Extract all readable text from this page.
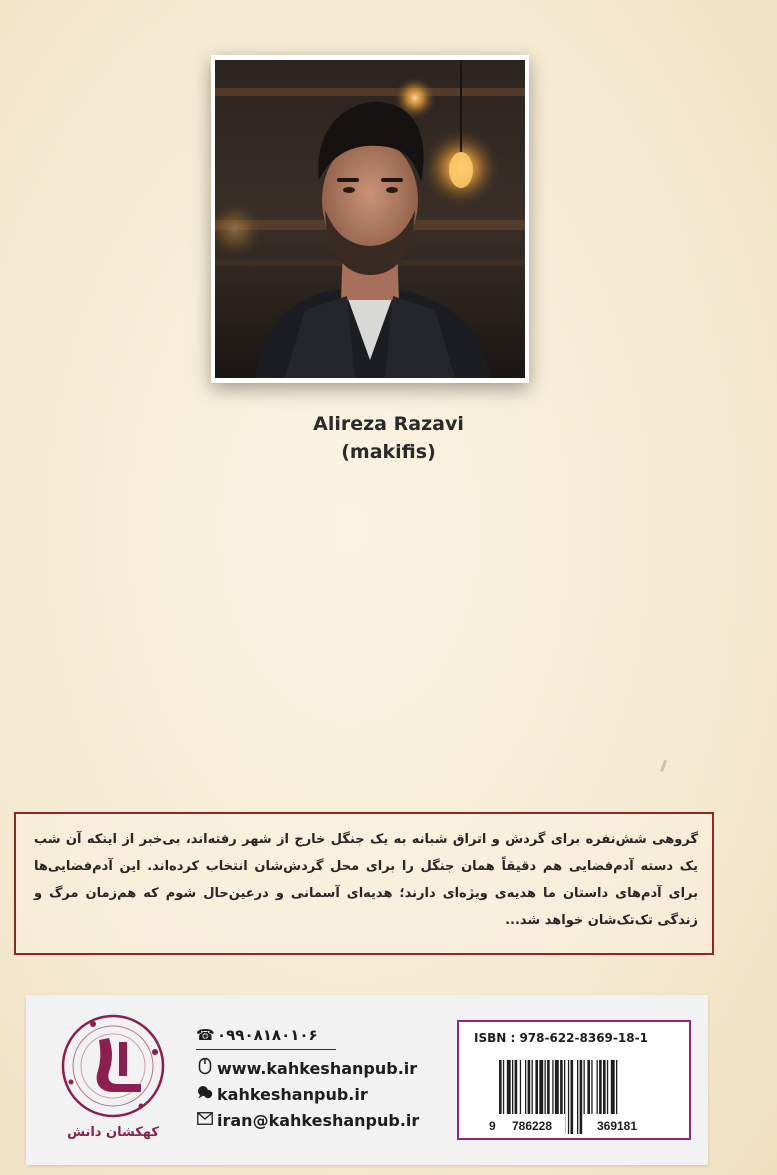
Alireza Razavi
(makifis)

گروهی شش‌نفره برای گردش و اتراق شبانه به یک جنگل خارج از شهر رفته‌اند، بی‌خبر از اینکه آن شب یک دسته آدم‌فضایی هم دقیقاً همان جنگل را برای محل گردش‌شان انتخاب کرده‌اند. این آدم‌فضایی‌ها برای آدم‌های داستان ما هدیه‌ی ویژه‌ای دارند؛ هدیه‌ای آسمانی و درعین‌حال شوم که هم‌زمان مرگ و زندگی تک‌تک‌شان خواهد شد...

کهکشان دانش
☎ ۰۹۹۰۸۱۸۰۱۰۶
www.kahkeshanpub.ir
kahkeshanpub.ir
iran@kahkeshanpub.ir
ISBN : 978-622-8369-18-1
9 786228	369181
